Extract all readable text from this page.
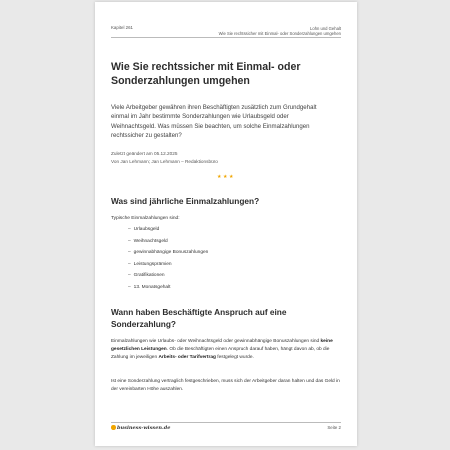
Kapitel 261	Lohn und Gehalt
Wie Sie rechtssicher mit Einmal- oder Sonderzahlungen umgehen
Wie Sie rechtssicher mit Einmal- oder Sonderzahlungen umgehen

Viele Arbeitgeber gewähren ihren Beschäftigten zusätzlich zum Grundgehalt einmal im Jahr bestimmte Sonderzahlungen wie Urlaubsgeld oder Weihnachtsgeld. Was müssen Sie beachten, um solche Einmalzahlungen rechtssicher zu gestalten?

Zuletzt geändert am 05.12.2025
Von Jan Lehmann; Jan Lehmann – Redaktionsbüro
★★★
Was sind jährliche Einmalzahlungen?

Typische Einmalzahlungen sind:

– Urlaubsgeld
– Weihnachtsgeld
– gewinnabhängige Bonuszahlungen
– Leistungsprämien
– Gratifikationen
– 13. Monatsgehalt
Wann haben Beschäftigte Anspruch auf eine Sonderzahlung?

Einmalzahlungen wie Urlaubs- oder Weihnachtsgeld oder gewinnabhängige Bonuszahlungen sind keine gesetzlichen Leistungen. Ob die Beschäftigten einen Anspruch darauf haben, hängt davon ab, ob die Zahlung im jeweiligen Arbeits- oder Tarifvertrag festgelegt wurde.

Ist eine Sonderzahlung vertraglich festgeschrieben, muss sich der Arbeitgeber daran halten und das Geld in der vereinbarten Höhe auszahlen.

business-wissen.de	Seite 2
